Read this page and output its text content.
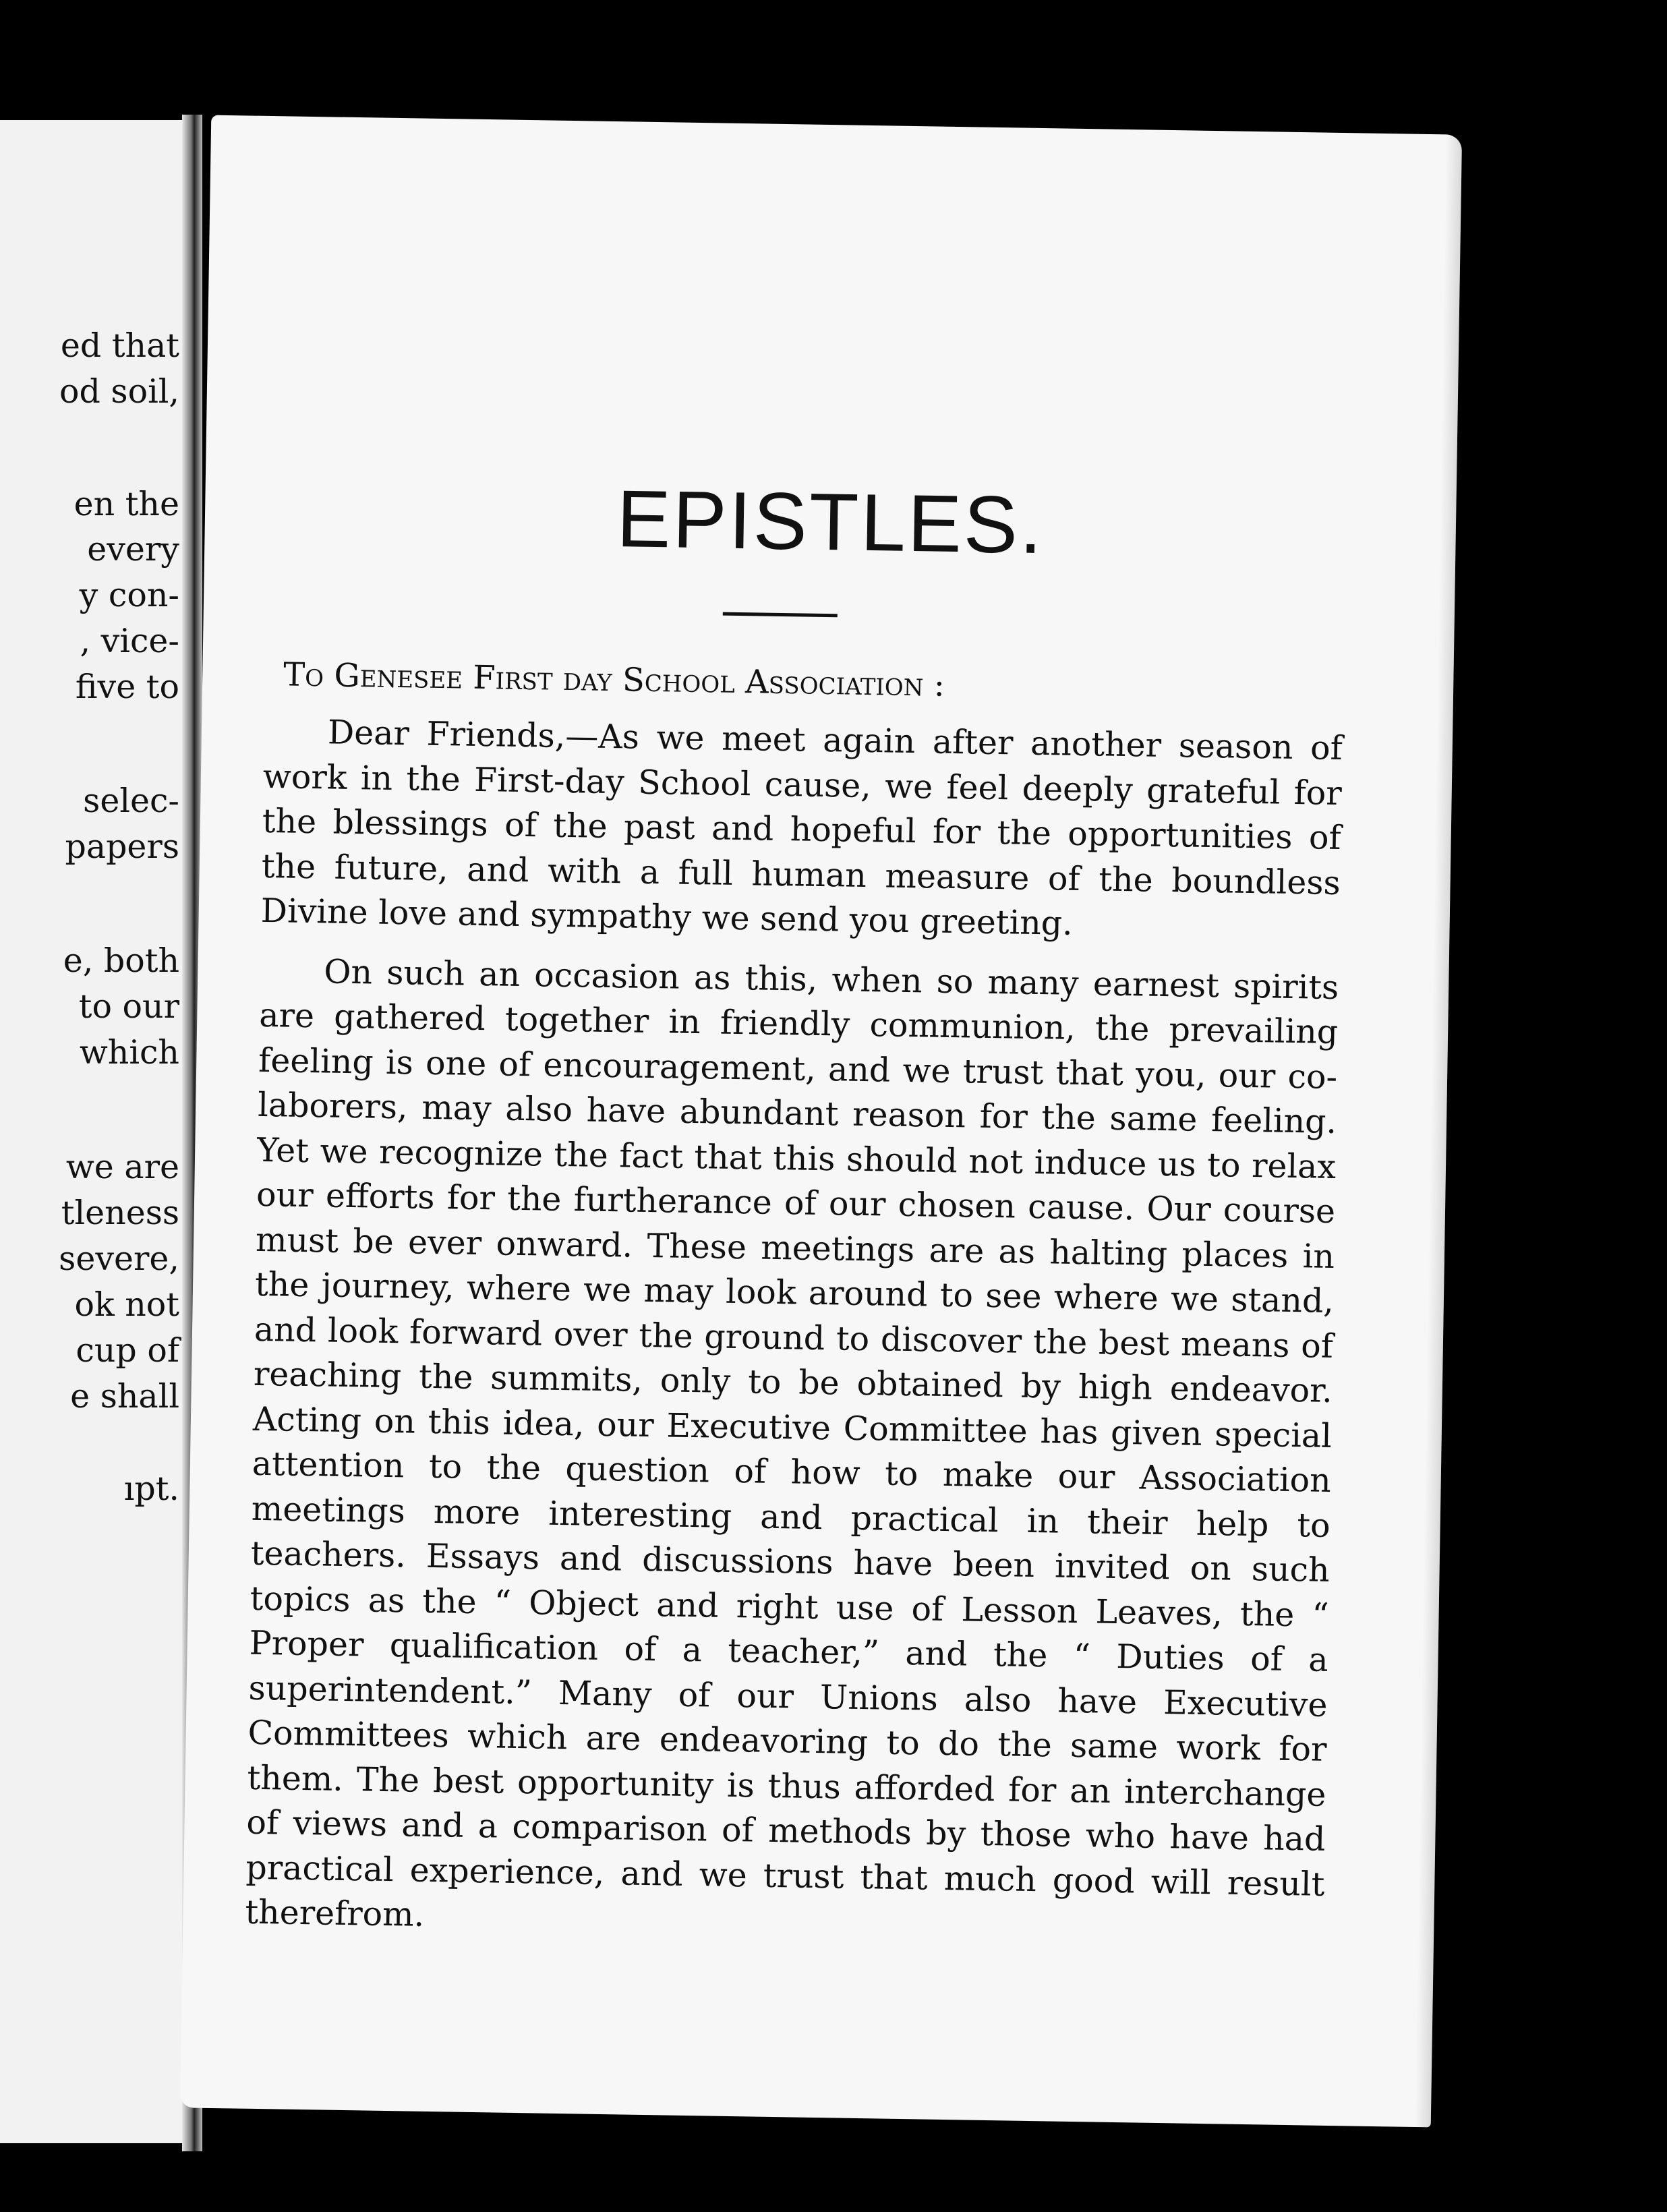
ed that
od soil,
en the
every
y con-
, vice-
five to
selec-
papers
e, both
to our
which
we are
tleness
severe,
ok not
cup of
e shall
ıpt.
EPISTLES.
To Genesee First day School Association :

Dear Friends,—As we meet again after another season of work in the First-day School cause, we feel deeply grateful for the blessings of the past and hopeful for the opportunities of the future, and with a full human measure of the boundless Divine love and sympathy we send you greeting.

On such an occasion as this, when so many earnest spirits are gathered together in friendly communion, the prevailing feeling is one of encouragement, and we trust that you, our co-laborers, may also have abundant reason for the same feeling. Yet we recognize the fact that this should not induce us to relax our efforts for the furtherance of our chosen cause. Our course must be ever onward. These meetings are as halting places in the journey, where we may look around to see where we stand, and look forward over the ground to discover the best means of reaching the summits, only to be obtained by high endeavor. Acting on this idea, our Executive Committee has given special attention to the question of how to make our Association meetings more interesting and practical in their help to teachers. Essays and discussions have been invited on such topics as the “ Object and right use of Lesson Leaves, the “ Proper qualification of a teacher,” and the “ Duties of a superintendent.” Many of our Unions also have Executive Committees which are endeavoring to do the same work for them. The best opportunity is thus afforded for an interchange of views and a comparison of methods by those who have had practical experience, and we trust that much good will result therefrom.
